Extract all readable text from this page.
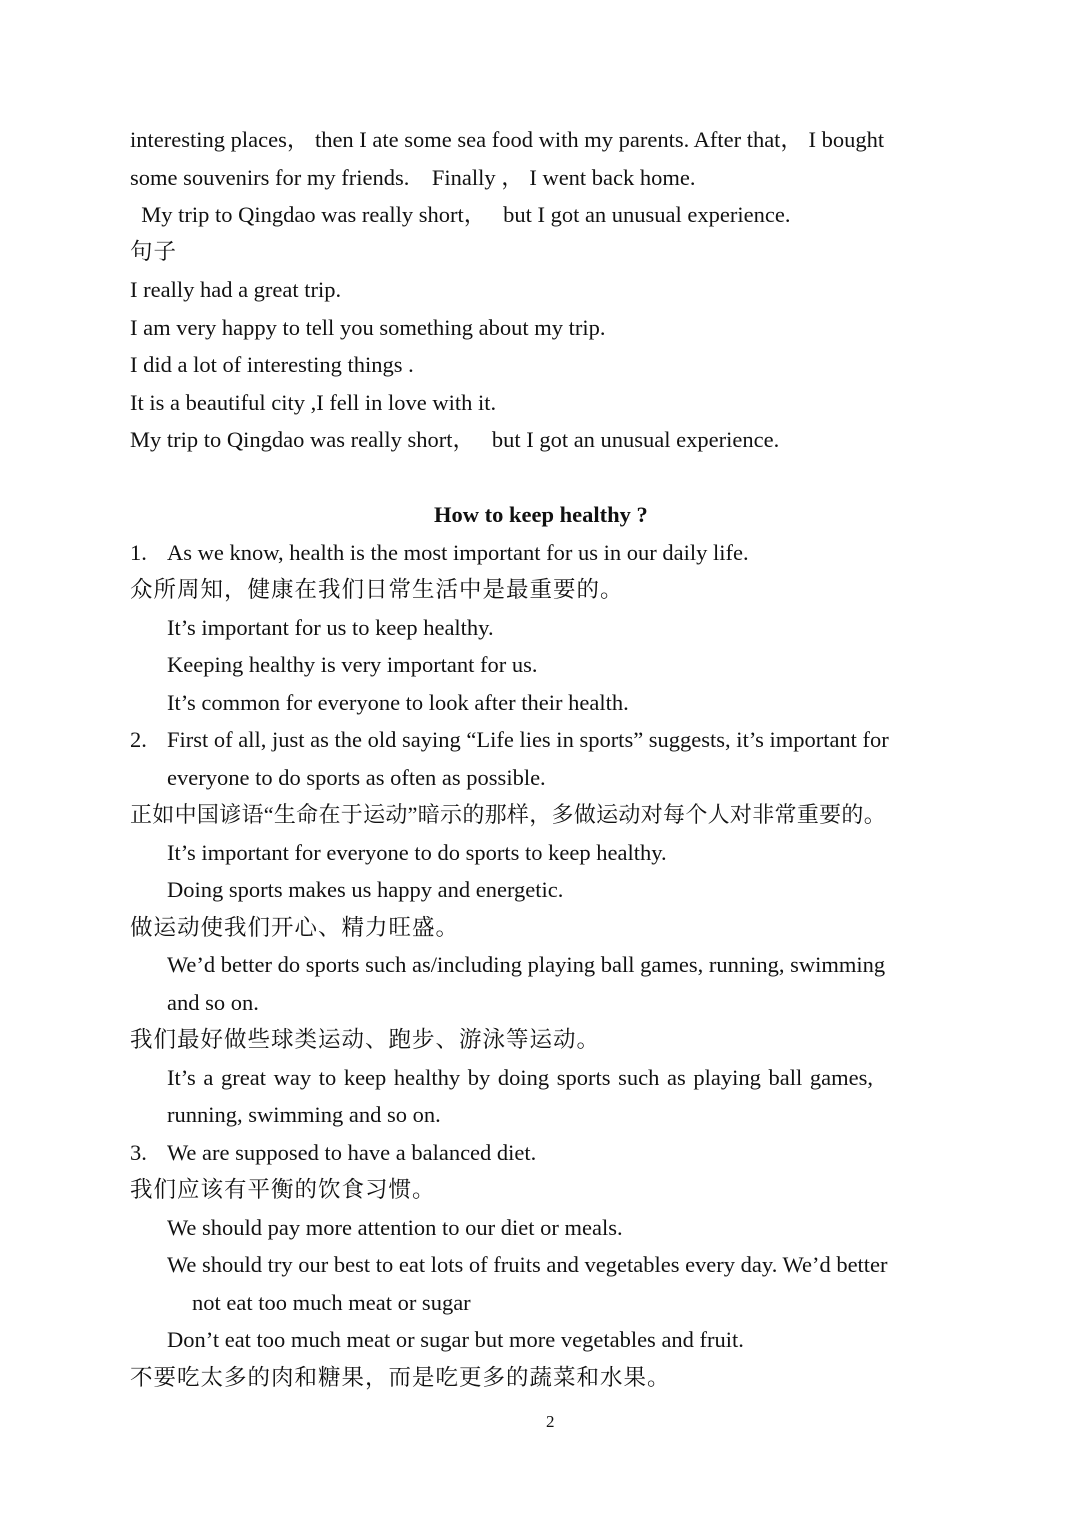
interesting places， then I ate some sea food with my parents. After that， I bought
some souvenirs for my friends.    Finally ， I went back home.
My trip to Qingdao was really short，   but I got an unusual experience.
句子
I really had a great trip.
I am very happy to tell you something about my trip.
I did a lot of interesting things .
It is a beautiful city ,I fell in love with it.
My trip to Qingdao was really short，   but I got an unusual experience.
How to keep healthy ?
1. As we know, health is the most important for us in our daily life.
众所周知，健康在我们日常生活中是最重要的。
It’s important for us to keep healthy.
Keeping healthy is very important for us.
It’s common for everyone to look after their health.
2. First of all, just as the old saying “Life lies in sports” suggests, it’s important for
everyone to do sports as often as possible.
正如中国谚语“生命在于运动”暗示的那样，多做运动对每个人对非常重要的。
It’s important for everyone to do sports to keep healthy.
Doing sports makes us happy and energetic.
做运动使我们开心、精力旺盛。
We’d better do sports such as/including playing ball games, running, swimming
and so on.
我们最好做些球类运动、跑步、游泳等运动。
It’s a great way to keep healthy by doing sports such as playing ball games,
running, swimming and so on.
3. We are supposed to have a balanced diet.
我们应该有平衡的饮食习惯。
We should pay more attention to our diet or meals.
We should try our best to eat lots of fruits and vegetables every day. We’d better
not eat too much meat or sugar
Don’t eat too much meat or sugar but more vegetables and fruit.
不要吃太多的肉和糖果，而是吃更多的蔬菜和水果。
2
